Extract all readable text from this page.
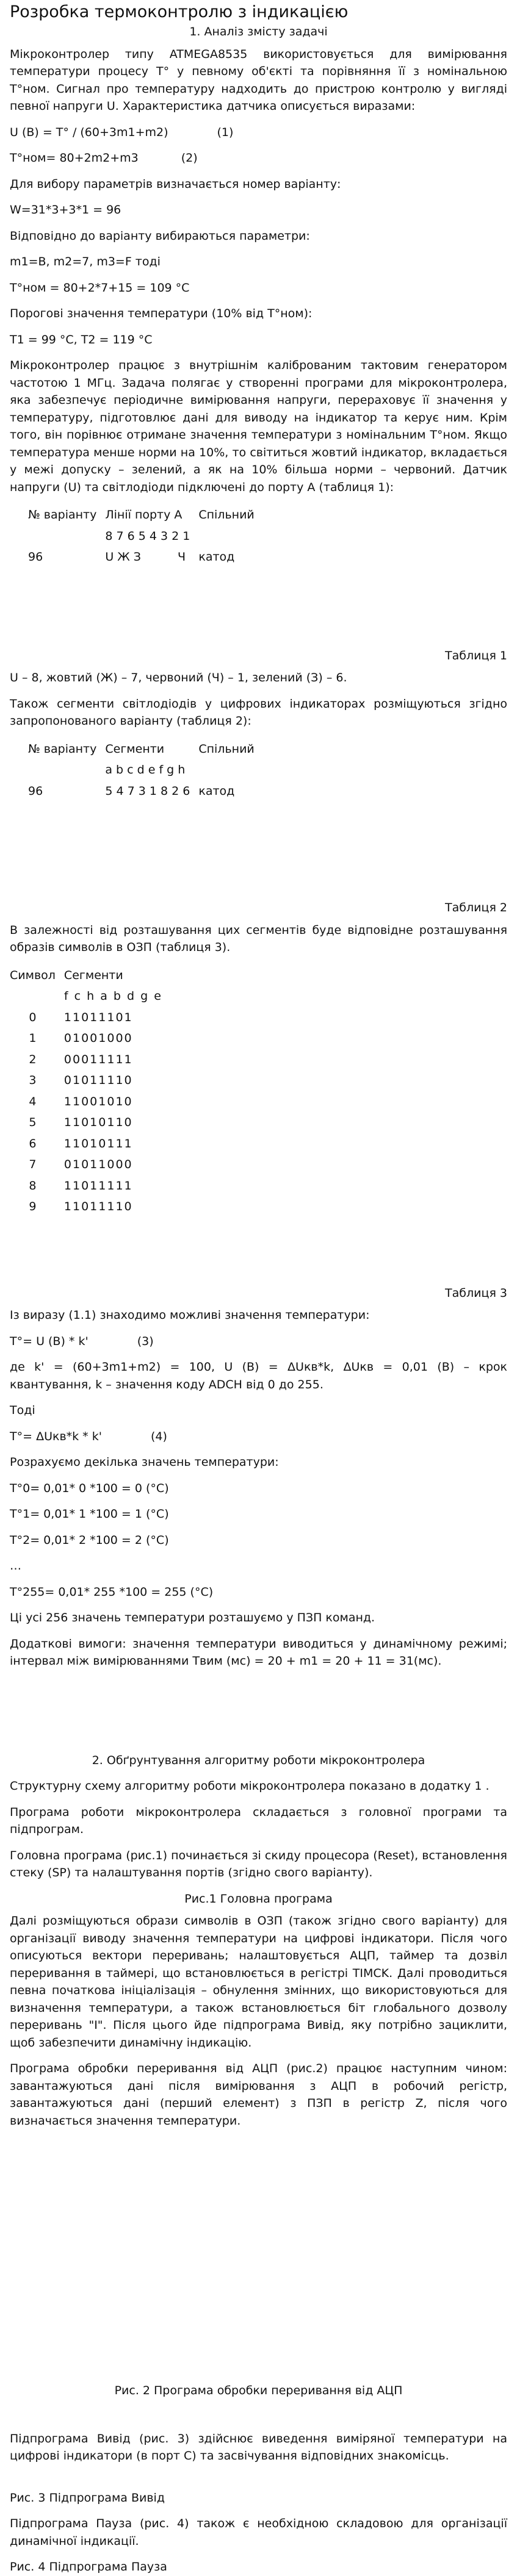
Розробка термоконтролю з індикацією
1. Аналіз змісту задачі

Мікроконтролер типу ATMEGA8535 використовується для вимірювання температури процесу T° у певному об'єкті та порівняння її з номінальною T°ном. Сигнал про температуру надходить до пристрою контролю у вигляді певної напруги U. Характеристика датчика описується виразами:

U (B) = T° / (60+3m1+m2)	(1)

T°ном= 80+2m2+m3	(2)

Для вибору параметрів визначається номер варіанту:

W=31*3+3*1 = 96

Відповідно до варіанту вибираються параметри:

m1=B, m2=7, m3=F тоді

T°ном = 80+2*7+15 = 109 °C

Порогові значення температури (10% від T°ном):

T1 = 99 °C, T2 = 119 °C

Мікроконтролер працює з внутрішнім каліброваним тактовим генератором частотою 1 МГц. Задача полягає у створенні програми для мікроконтролера, яка забезпечує періодичне вимірювання напруги, перераховує її значення у температуру, підготовлює дані для виводу на індикатор та керує ним. Крім того, він порівнює отримане значення температури з номінальним T°ном. Якщо температура менше норми на 10%, то світиться жовтий індикатор, вкладається у межі допуску – зелений, а як на 10% більша норми – червоний. Датчик напруги (U) та світлодіоди підключені до порту A (таблиця 1):

№ варіанту	Лінії порту А	Спільний
	8 7 6 5 4 3 2 1	
96	U Ж З Ч	катод
Таблиця 1

U – 8, жовтий (Ж) – 7, червоний (Ч) – 1, зелений (З) – 6.

Також сегменти світлодіодів у цифрових індикаторах розміщуються згідно запропонованого варіанту (таблиця 2):

№ варіанту	Сегменти	Спільний
	a b c d e f g h	
96	5 4 7 3 1 8 2 6	катод
Таблиця 2

В залежності від розташування цих сегментів буде відповідне розташування образів символів в ОЗП (таблиця 3).

Символ	Сегменти
	f c h a b d g e
0	11011101
1	01001000
2	00011111
3	01011110
4	11001010
5	11010110
6	11010111
7	01011000
8	11011111
9	11011110
Таблиця 3

Із виразу (1.1) знаходимо можливі значення температури:

T°= U (B) * k'	(3)

де k' = (60+3m1+m2) = 100, U (B) = ΔUкв*k, ΔUкв = 0,01 (В) – крок квантування, k – значення коду ADCH від 0 до 255.

Тоді

T°= ΔUкв*k * k'	(4)

Розрахуємо декілька значень температури:

T°0= 0,01* 0 *100 = 0 (°C)

T°1= 0,01* 1 *100 = 1 (°C)

T°2= 0,01* 2 *100 = 2 (°C)

…

T°255= 0,01* 255 *100 = 255 (°C)

Ці усі 256 значень температури розташуємо у ПЗП команд.

Додаткові вимоги: значення температури виводиться у динамічному режимі; інтервал між вимірюваннями Tвим (мс) = 20 + m1 = 20 + 11 = 31(мс).

2. Обґрунтування алгоритму роботи мікроконтролера

Структурну схему алгоритму роботи мікроконтролера показано в додатку 1 .

Програма роботи мікроконтролера складається з головної програми та підпрограм.

Головна програма (рис.1) починається зі скиду процесора (Reset), встановлення стеку (SP) та налаштування портів (згідно свого варіанту).

Рис.1 Головна програма

Далі розміщуються образи символів в ОЗП (також згідно свого варіанту) для організації виводу значення температури на цифрові індикатори. Після чого описуються вектори переривань; налаштовується АЦП, таймер та дозвіл переривання в таймері, що встановлюється в регістрі TIMCK. Далі проводиться певна початкова ініціалізація – обнулення змінних, що використовуються для визначення температури, а також встановлюється біт глобального дозволу переривань "I". Після цього йде підпрограма Вивід, яку потрібно зациклити, щоб забезпечити динамічну індикацію.

Програма обробки переривання від АЦП (рис.2) працює наступним чином: завантажуються дані після вимірювання з АЦП в робочий регістр, завантажуються дані (перший елемент) з ПЗП в регістр Z, після чого визначається значення температури.

Рис. 2 Програма обробки переривання від АЦП

Підпрограма Вивід (рис. 3) здійснює виведення виміряної температури на цифрові індикатори (в порт C) та засвічування відповідних знакомісць.

Рис. 3 Підпрограма Вивід

Підпрограма Пауза (рис. 4) також є необхідною складовою для організації динамічної індикації.

Рис. 4 Підпрограма Пауза
